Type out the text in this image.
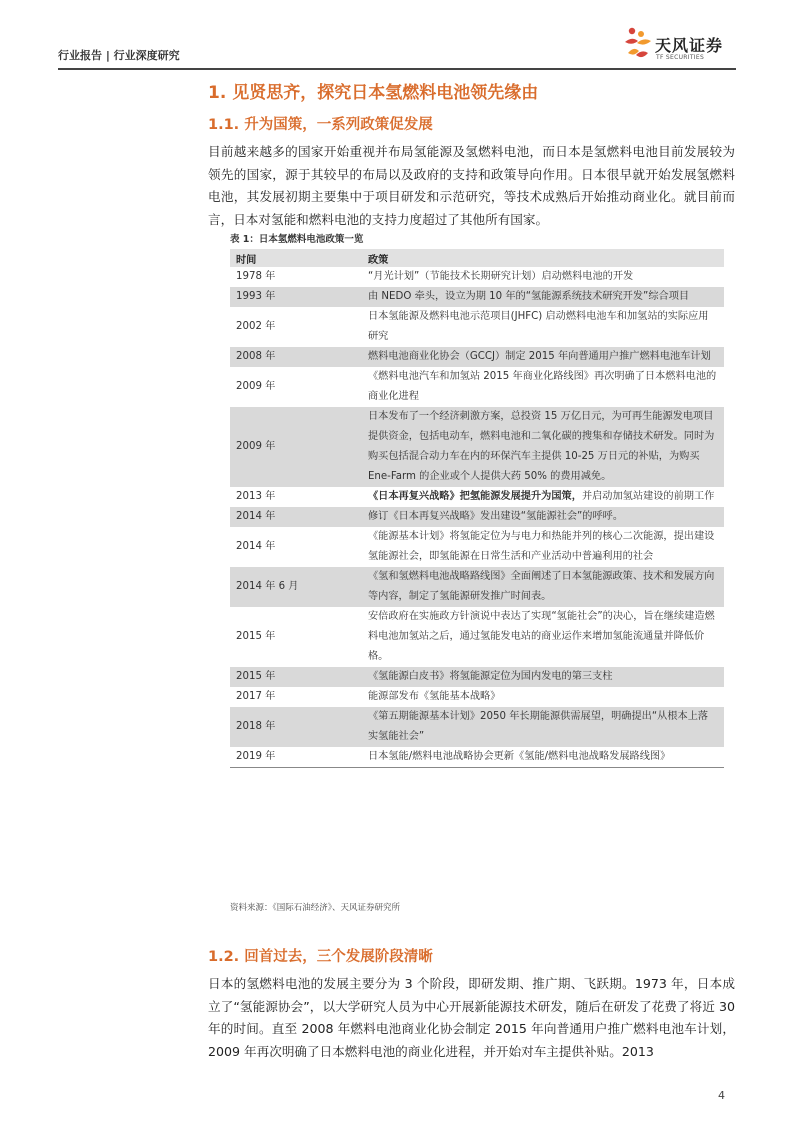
行业报告 | 行业深度研究
天风证券
TF SECURITIES
1. 见贤思齐，探究日本氢燃料电池领先缘由
1.1. 升为国策，一系列政策促发展
目前越来越多的国家开始重视并布局氢能源及氢燃料电池，而日本是氢燃料电池目前发展较为领先的国家，源于其较早的布局以及政府的支持和政策导向作用。日本很早就开始发展氢燃料电池，其发展初期主要集中于项目研发和示范研究，等技术成熟后开始推动商业化。就目前而言，日本对氢能和燃料电池的支持力度超过了其他所有国家。
表 1：日本氢燃料电池政策一览
时间	政策
1978 年	“月光计划”（节能技术长期研究计划）启动燃料电池的开发
1993 年	由 NEDO 牵头，设立为期 10 年的“氢能源系统技术研究开发”综合项目
2002 年	日本氢能源及燃料电池示范项目(JHFC) 启动燃料电池车和加氢站的实际应用研究
2008 年	燃料电池商业化协会（GCCJ）制定 2015 年向普通用户推广燃料电池车计划
2009 年	《燃料电池汽车和加氢站 2015 年商业化路线图》再次明确了日本燃料电池的商业化进程
2009 年	日本发布了一个经济刺激方案，总投资 15 万亿日元，为可再生能源发电项目提供资金，包括电动车，燃料电池和二氧化碳的搜集和存储技术研发。同时为购买包括混合动力车在内的环保汽车主提供 10-25 万日元的补贴，为购买 Ene-Farm 的企业或个人提供大药 50% 的费用减免。
2013 年	《日本再复兴战略》把氢能源发展提升为国策，并启动加氢站建设的前期工作
2014 年	修订《日本再复兴战略》发出建设“氢能源社会”的呼呼。
2014 年	《能源基本计划》将氢能定位为与电力和热能并列的核心二次能源，提出建设氢能源社会，即氢能源在日常生活和产业活动中普遍利用的社会
2014 年 6 月	《氢和氢燃料电池战略路线图》全面阐述了日本氢能源政策、技术和发展方向等内容，制定了氢能源研发推广时间表。
2015 年	安倍政府在实施政方针演说中表达了实现“氢能社会”的决心，旨在继续建造燃料电池加氢站之后，通过氢能发电站的商业运作来增加氢能流通量并降低价格。
2015 年	《氢能源白皮书》将氢能源定位为国内发电的第三支柱
2017 年	能源部发布《氢能基本战略》
2018 年	《第五期能源基本计划》2050 年长期能源供需展望，明确提出“从根本上落实氢能社会”
2019 年	日本氢能/燃料电池战略协会更新《氢能/燃料电池战略发展路线图》
资料来源：《国际石油经济》、天风证券研究所
1.2. 回首过去，三个发展阶段清晰
日本的氢燃料电池的发展主要分为 3 个阶段，即研发期、推广期、飞跃期。1973 年，日本成立了“氢能源协会”，以大学研究人员为中心开展新能源技术研发，随后在研发了花费了将近 30 年的时间。直至 2008 年燃料电池商业化协会制定 2015 年向普通用户推广燃料电池车计划，2009 年再次明确了日本燃料电池的商业化进程，并开始对车主提供补贴。2013
4
